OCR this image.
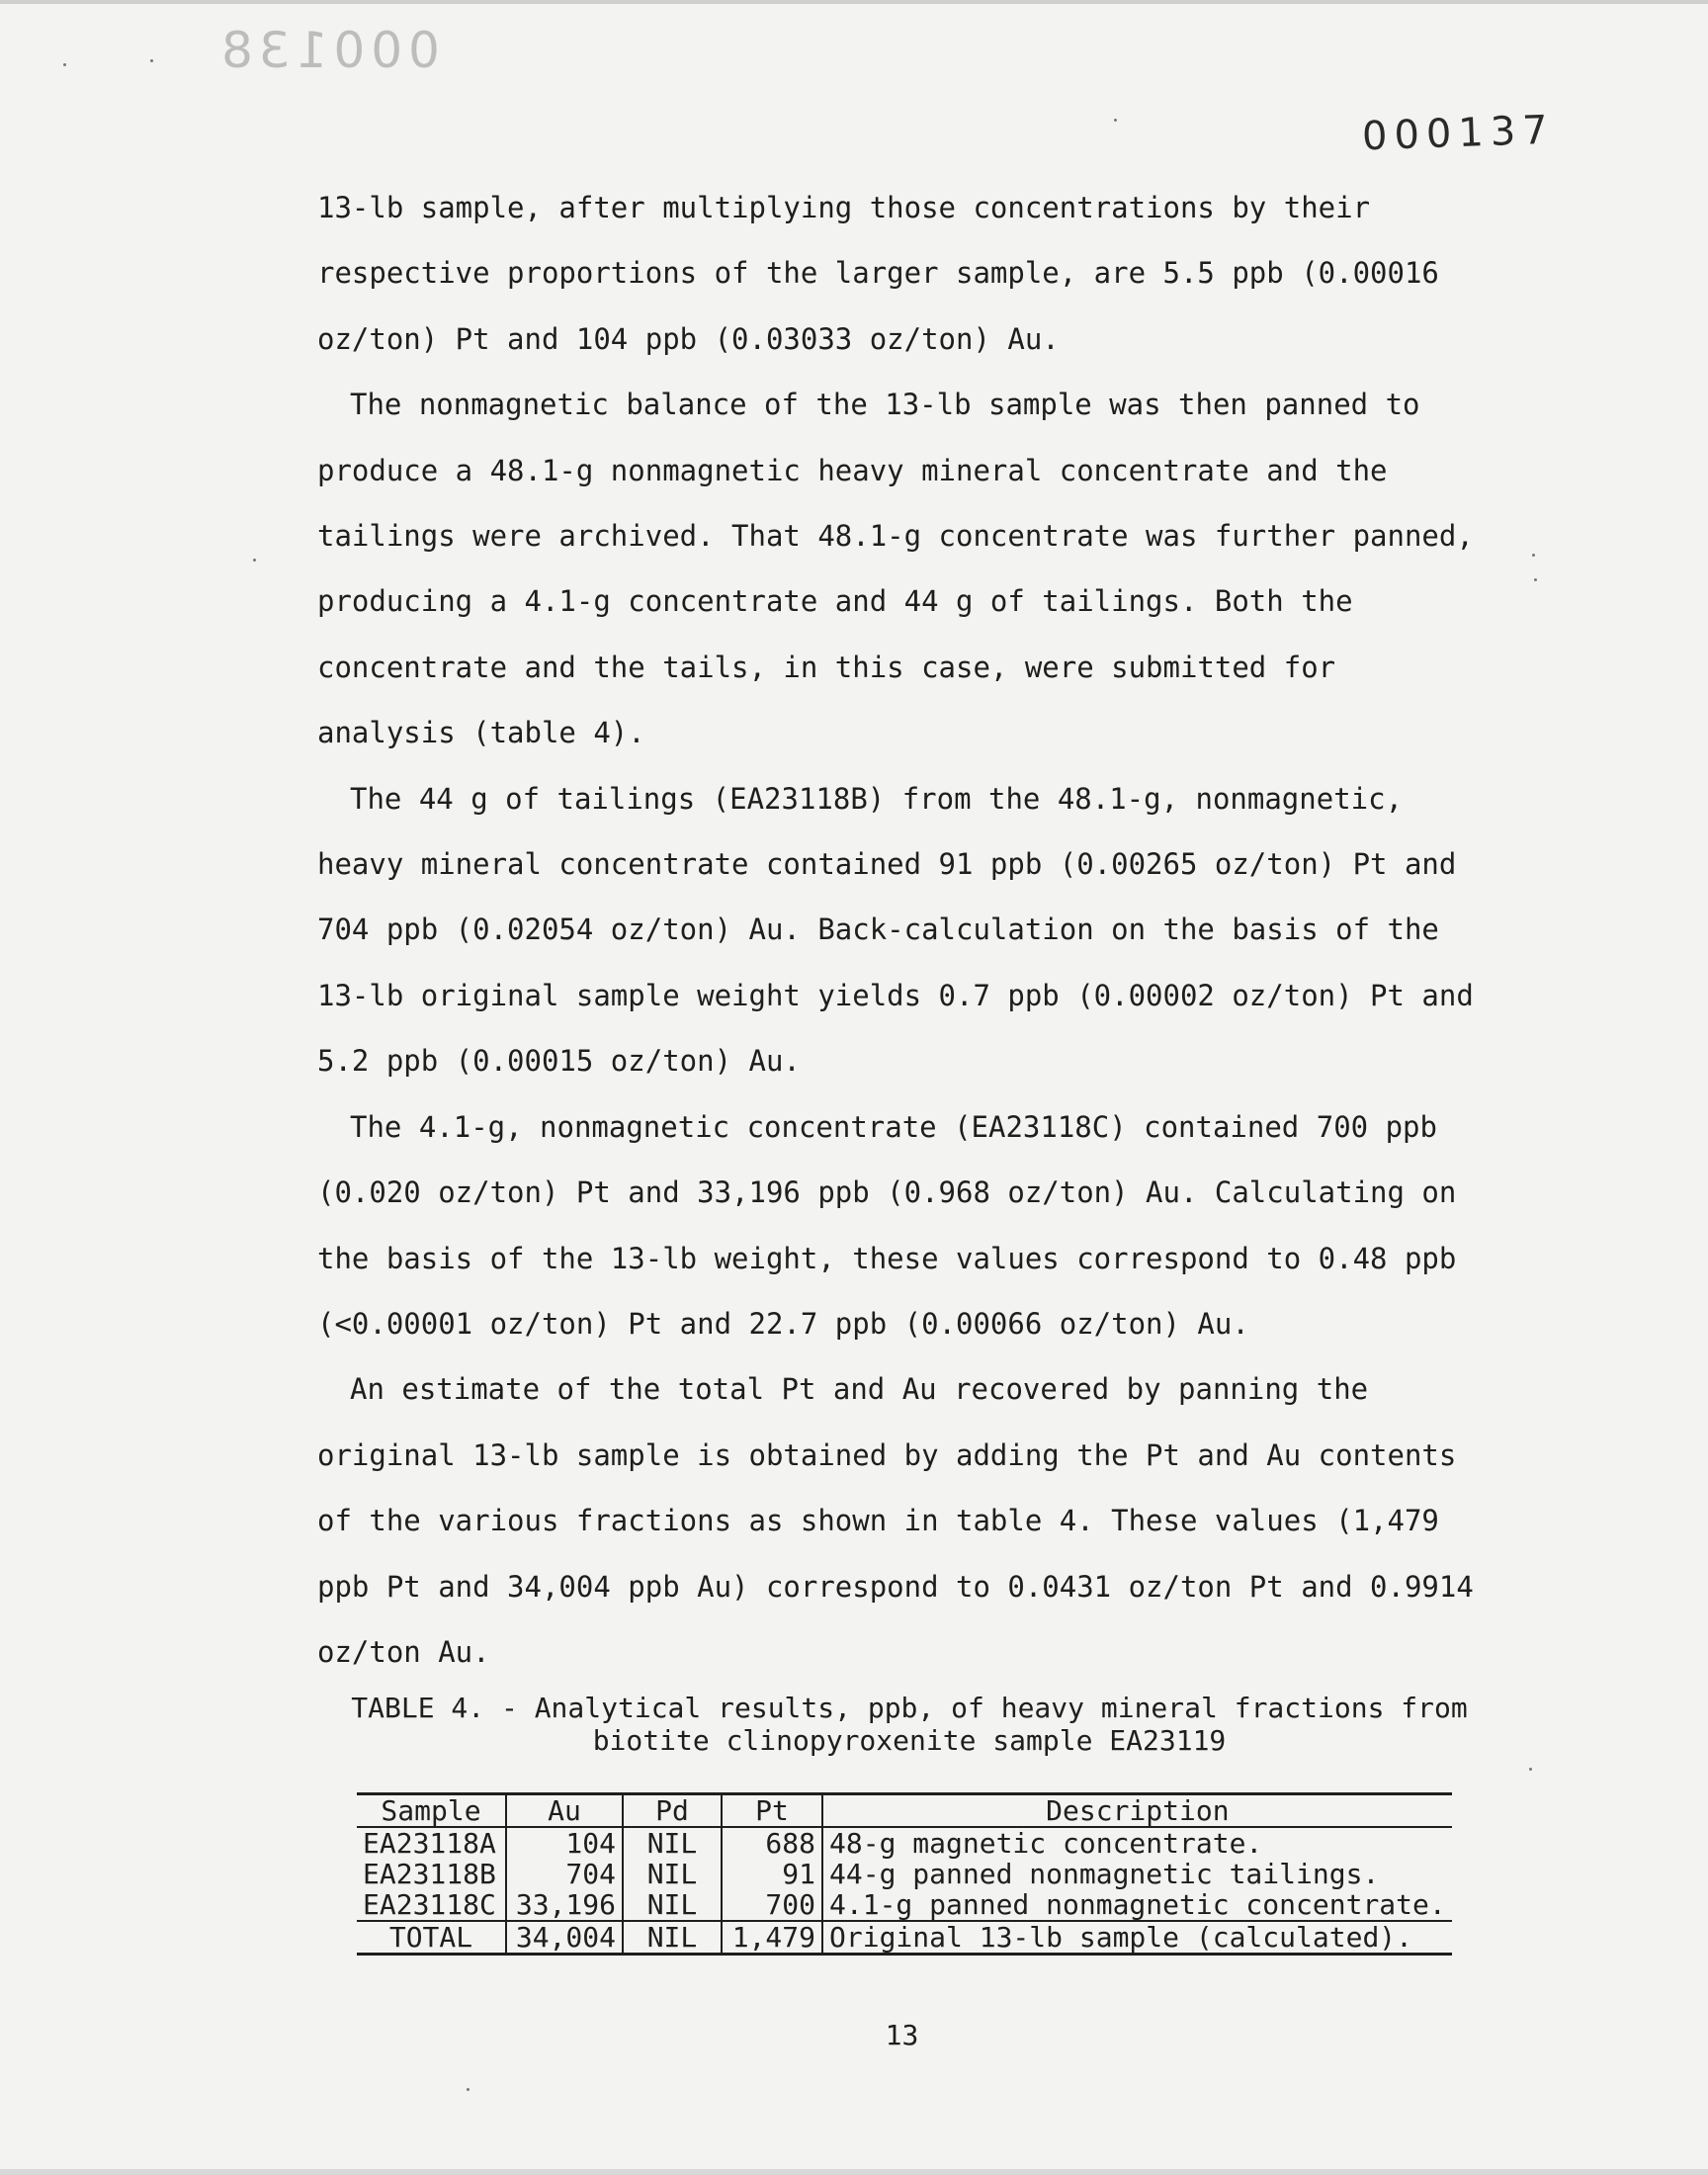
000138
000137

13-lb sample, after multiplying those concentrations by their respective proportions of the larger sample, are 5.5 ppb (0.00016 oz/ton) Pt and 104 ppb (0.03033 oz/ton) Au.

The nonmagnetic balance of the 13-lb sample was then panned to produce a 48.1-g nonmagnetic heavy mineral concentrate and the tailings were archived. That 48.1-g concentrate was further panned, producing a 4.1-g concentrate and 44 g of tailings. Both the concentrate and the tails, in this case, were submitted for analysis (table 4).

The 44 g of tailings (EA23118B) from the 48.1-g, nonmagnetic, heavy mineral concentrate contained 91 ppb (0.00265 oz/ton) Pt and 704 ppb (0.02054 oz/ton) Au. Back-calculation on the basis of the 13-lb original sample weight yields 0.7 ppb (0.00002 oz/ton) Pt and 5.2 ppb (0.00015 oz/ton) Au.

The 4.1-g, nonmagnetic concentrate (EA23118C) contained 700 ppb (0.020 oz/ton) Pt and 33,196 ppb (0.968 oz/ton) Au. Calculating on the basis of the 13-lb weight, these values correspond to 0.48 ppb (<0.00001 oz/ton) Pt and 22.7 ppb (0.00066 oz/ton) Au.

An estimate of the total Pt and Au recovered by panning the original 13-lb sample is obtained by adding the Pt and Au contents of the various fractions as shown in table 4. These values (1,479 ppb Pt and 34,004 ppb Au) correspond to 0.0431 oz/ton Pt and 0.9914 oz/ton Au.

TABLE 4. - Analytical results, ppb, of heavy mineral fractions from
biotite clinopyroxenite sample EA23119
Sample	Au	Pd	Pt	Description
EA23118A	104	NIL	688	48-g magnetic concentrate.
EA23118B	704	NIL	91	44-g panned nonmagnetic tailings.
EA23118C	33,196	NIL	700	4.1-g panned nonmagnetic concentrate.
TOTAL	34,004	NIL	1,479	Original 13-lb sample (calculated).
13
